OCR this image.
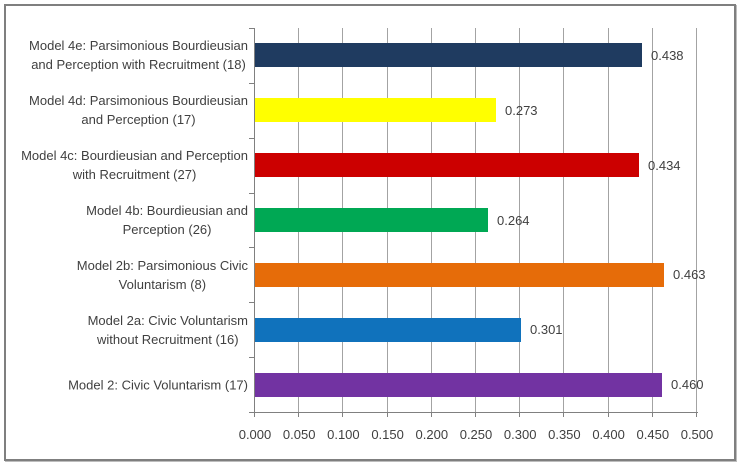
0.000 0.050 0.100 0.150 0.200 0.250 0.300 0.350 0.400 0.450 0.500
0.438
Model 4e: Parsimonious Bourdieusian
and Perception with Recruitment (18)
0.273
Model 4d: Parsimonious Bourdieusian
and Perception (17)
0.434
Model 4c: Bourdieusian and Perception
with Recruitment (27)
0.264
Model 4b: Bourdieusian and
Perception (26)
0.463
Model 2b: Parsimonious Civic
Voluntarism (8)
0.301
Model 2a: Civic Voluntarism
without Recruitment (16)
0.460
Model 2: Civic Voluntarism (17)
